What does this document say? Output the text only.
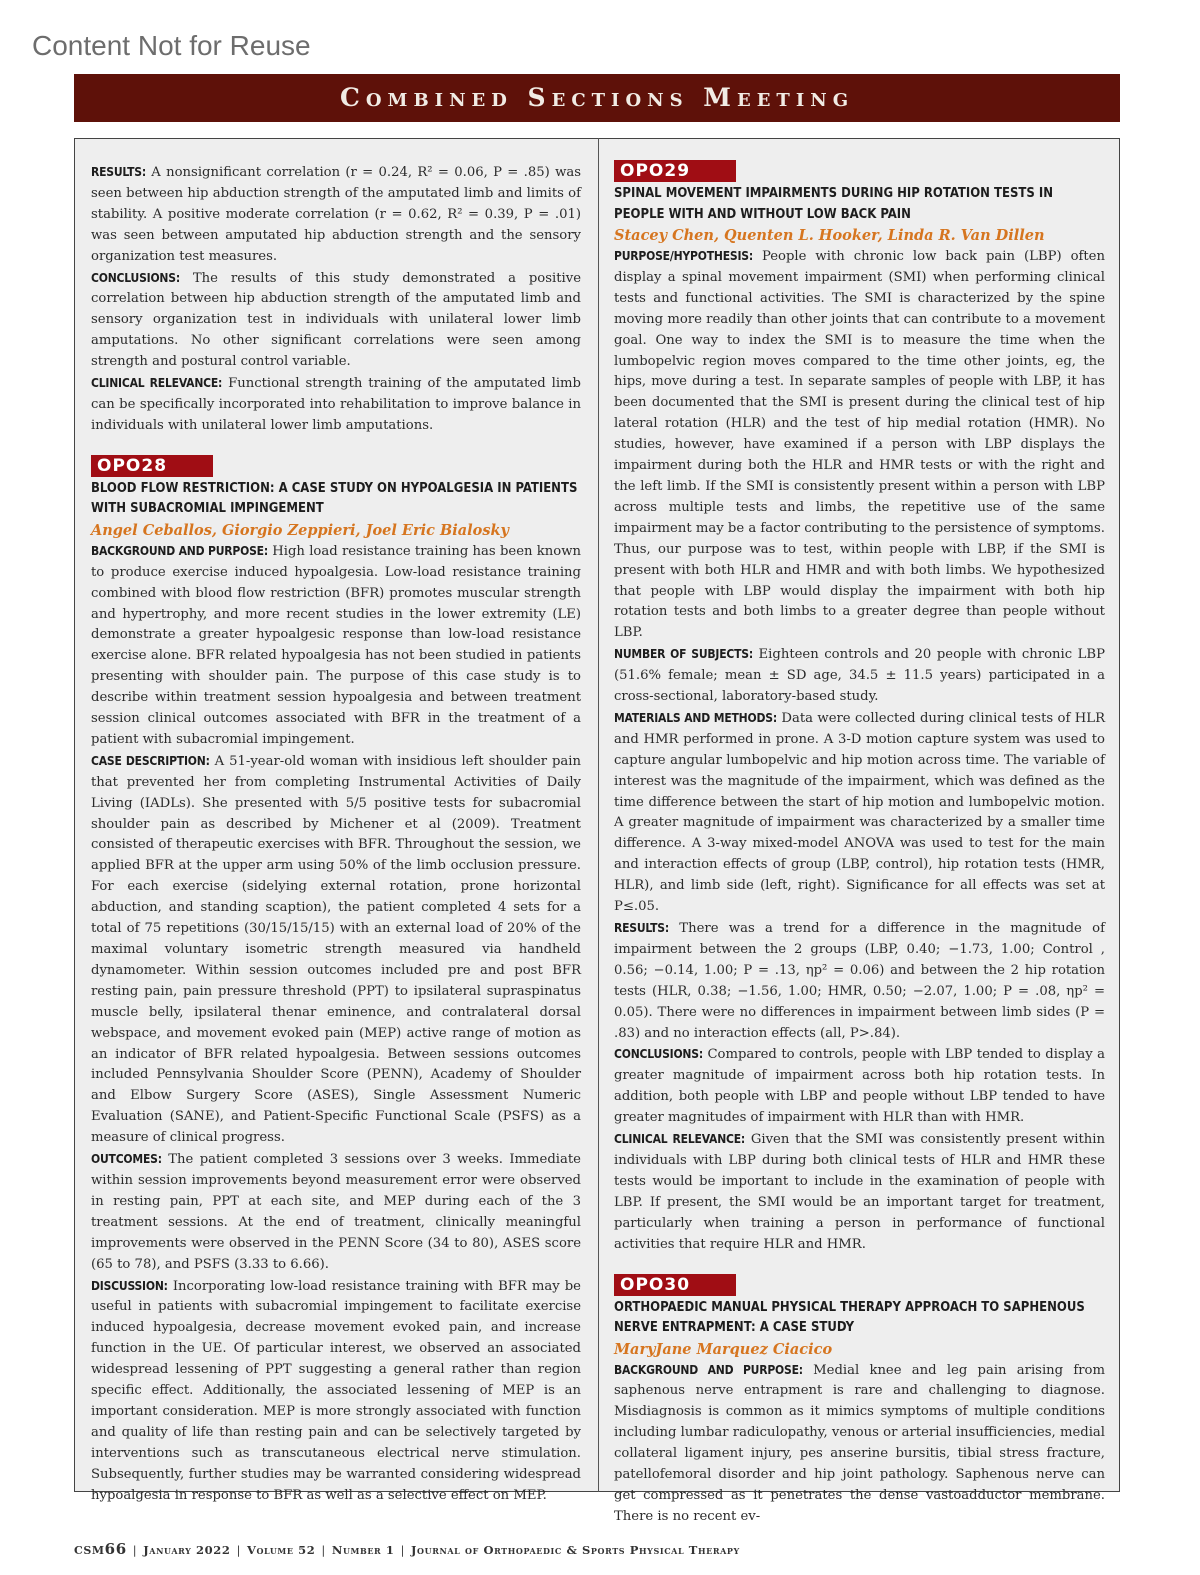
Content Not for Reuse
Combined Sections Meeting

RESULTS: A nonsignificant correlation (r = 0.24, R² = 0.06, P = .85) was seen between hip abduction strength of the amputated limb and limits of stability. A positive moderate correlation (r = 0.62, R² = 0.39, P = .01) was seen between amputated hip abduction strength and the sensory organization test measures.

CONCLUSIONS: The results of this study demonstrated a positive correlation between hip abduction strength of the amputated limb and sensory organization test in individuals with unilateral lower limb amputations. No other significant correlations were seen among strength and postural control variable.

CLINICAL RELEVANCE: Functional strength training of the amputated limb can be specifically incorporated into rehabilitation to improve balance in individuals with unilateral lower limb amputations.

OPO28
BLOOD FLOW RESTRICTION: A CASE STUDY ON HYPOALGESIA IN PATIENTS WITH SUBACROMIAL IMPINGEMENT
Angel Ceballos, Giorgio Zeppieri, Joel Eric Bialosky

BACKGROUND AND PURPOSE: High load resistance training has been known to produce exercise induced hypoalgesia. Low-load resistance training combined with blood flow restriction (BFR) promotes muscular strength and hypertrophy, and more recent studies in the lower extremity (LE) demonstrate a greater hypoalgesic response than low-load resistance exercise alone. BFR related hypoalgesia has not been studied in patients presenting with shoulder pain. The purpose of this case study is to describe within treatment session hypoalgesia and between treatment session clinical outcomes associated with BFR in the treatment of a patient with subacromial impingement.

CASE DESCRIPTION: A 51-year-old woman with insidious left shoulder pain that prevented her from completing Instrumental Activities of Daily Living (IADLs). She presented with 5/5 positive tests for subacromial shoulder pain as described by Michener et al (2009). Treatment consisted of therapeutic exercises with BFR. Throughout the session, we applied BFR at the upper arm using 50% of the limb occlusion pressure. For each exercise (sidelying external rotation, prone horizontal abduction, and standing scaption), the patient completed 4 sets for a total of 75 repetitions (30/15/15/15) with an external load of 20% of the maximal voluntary isometric strength measured via handheld dynamometer. Within session outcomes included pre and post BFR resting pain, pain pressure threshold (PPT) to ipsilateral supraspinatus muscle belly, ipsilateral thenar eminence, and contralateral dorsal webspace, and movement evoked pain (MEP) active range of motion as an indicator of BFR related hypoalgesia. Between sessions outcomes included Pennsylvania Shoulder Score (PENN), Academy of Shoulder and Elbow Surgery Score (ASES), Single Assessment Numeric Evaluation (SANE), and Patient-Specific Functional Scale (PSFS) as a measure of clinical progress.

OUTCOMES: The patient completed 3 sessions over 3 weeks. Immediate within session improvements beyond measurement error were observed in resting pain, PPT at each site, and MEP during each of the 3 treatment sessions. At the end of treatment, clinically meaningful improvements were observed in the PENN Score (34 to 80), ASES score (65 to 78), and PSFS (3.33 to 6.66).

DISCUSSION: Incorporating low-load resistance training with BFR may be useful in patients with subacromial impingement to facilitate exercise induced hypoalgesia, decrease movement evoked pain, and increase function in the UE. Of particular interest, we observed an associated widespread lessening of PPT suggesting a general rather than region specific effect. Additionally, the associated lessening of MEP is an important consideration. MEP is more strongly associated with function and quality of life than resting pain and can be selectively targeted by interventions such as transcutaneous electrical nerve stimulation. Subsequently, further studies may be warranted considering widespread hypoalgesia in response to BFR as well as a selective effect on MEP.

OPO29
SPINAL MOVEMENT IMPAIRMENTS DURING HIP ROTATION TESTS IN PEOPLE WITH AND WITHOUT LOW BACK PAIN
Stacey Chen, Quenten L. Hooker, Linda R. Van Dillen

PURPOSE/HYPOTHESIS: People with chronic low back pain (LBP) often display a spinal movement impairment (SMI) when performing clinical tests and functional activities. The SMI is characterized by the spine moving more readily than other joints that can contribute to a movement goal. One way to index the SMI is to measure the time when the lumbopelvic region moves compared to the time other joints, eg, the hips, move during a test. In separate samples of people with LBP, it has been documented that the SMI is present during the clinical test of hip lateral rotation (HLR) and the test of hip medial rotation (HMR). No studies, however, have examined if a person with LBP displays the impairment during both the HLR and HMR tests or with the right and the left limb. If the SMI is consistently present within a person with LBP across multiple tests and limbs, the repetitive use of the same impairment may be a factor contributing to the persistence of symptoms. Thus, our purpose was to test, within people with LBP, if the SMI is present with both HLR and HMR and with both limbs. We hypothesized that people with LBP would display the impairment with both hip rotation tests and both limbs to a greater degree than people without LBP.

NUMBER OF SUBJECTS: Eighteen controls and 20 people with chronic LBP (51.6% female; mean ± SD age, 34.5 ± 11.5 years) participated in a cross-sectional, laboratory-based study.

MATERIALS AND METHODS: Data were collected during clinical tests of HLR and HMR performed in prone. A 3-D motion capture system was used to capture angular lumbopelvic and hip motion across time. The variable of interest was the magnitude of the impairment, which was defined as the time difference between the start of hip motion and lumbopelvic motion. A greater magnitude of impairment was characterized by a smaller time difference. A 3-way mixed-model ANOVA was used to test for the main and interaction effects of group (LBP, control), hip rotation tests (HMR, HLR), and limb side (left, right). Significance for all effects was set at P≤.05.

RESULTS: There was a trend for a difference in the magnitude of impairment between the 2 groups (LBP, 0.40; −1.73, 1.00; Control , 0.56; −0.14, 1.00; P = .13, ηp² = 0.06) and between the 2 hip rotation tests (HLR, 0.38; −1.56, 1.00; HMR, 0.50; −2.07, 1.00; P = .08, ηp² = 0.05). There were no differences in impairment between limb sides (P = .83) and no interaction effects (all, P>.84).

CONCLUSIONS: Compared to controls, people with LBP tended to display a greater magnitude of impairment across both hip rotation tests. In addition, both people with LBP and people without LBP tended to have greater magnitudes of impairment with HLR than with HMR.

CLINICAL RELEVANCE: Given that the SMI was consistently present within individuals with LBP during both clinical tests of HLR and HMR these tests would be important to include in the examination of people with LBP. If present, the SMI would be an important target for treatment, particularly when training a person in performance of functional activities that require HLR and HMR.

OPO30
ORTHOPAEDIC MANUAL PHYSICAL THERAPY APPROACH TO SAPHENOUS NERVE ENTRAPMENT: A CASE STUDY
MaryJane Marquez Ciacico

BACKGROUND AND PURPOSE: Medial knee and leg pain arising from saphenous nerve entrapment is rare and challenging to diagnose. Misdiagnosis is common as it mimics symptoms of multiple conditions including lumbar radiculopathy, venous or arterial insufficiencies, medial collateral ligament injury, pes anserine bursitis, tibial stress fracture, patellofemoral disorder and hip joint pathology. Saphenous nerve can get compressed as it penetrates the dense vastoadductor membrane. There is no recent ev-

csm66 | January 2022 | Volume 52 | Number 1 | Journal of Orthopaedic & Sports Physical Therapy
